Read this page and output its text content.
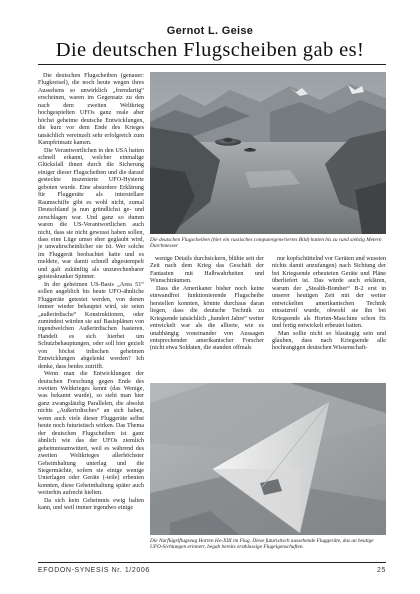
Gernot L. Geise
Die deutschen Flugscheiben gab es!

Die deutschen Flugscheiben (genauer: Flugkreisel), die noch heute wegen ihres Aussehens so unwirklich „fremdartig“ erscheinen, waren im Gegensatz zu den nach dem zweiten Weltkrieg hochgespielten UFOs ganz reale aber höchst geheime deutsche Entwicklungen, die kurz vor dem Ende des Krieges tatsächlich vereinzelt sehr erfolgreich zum Kampfeinsatz kamen.

Die Verantwortlichen in den USA hatten schnell erkannt, welcher einmalige Glücksfall ihnen durch die Sicherung einiger dieser Flugscheiben und die darauf gesteckte inszenierte UFO-Hysterie geboten wurde. Eine absurdere Erklärung für Fluggeräte als interstellare Raumschiffe gibt es wohl nicht, zumal Deutschland ja nun gründlichst ge- und zerschlagen war. Und ganz so dumm waren die US-Verantwortlichen auch nicht, dass sie nicht gewusst haben sollen, dass eine Lüge umso eher geglaubt wird, je unwahrscheinlicher sie ist. Wer solche im Fluggerät beobachtet hatte und es meldete, war damit schnell abgestempelt und galt zukünftig als unzurechenbarer geisteskranker Spinner.

In der geheimen US-Basis „Area 51“ sollen angeblich bis heute UFO-ähnliche Fluggeräte getestet werden, von denen immer wieder behauptet wird, sie seien „außerirdische“ Konstruktionen, oder zumindest würden sie auf Basisplänen von irgendwelchen Außerirdischen basieren. Handelt es sich hierbei um Schutzbehauptungen, oder soll hier gezielt von höchst irdischen geheimen Entwicklungen abgelenkt werden? Ich denke, dass beides zutrifft.

Wenn man die Entwicklungen der deutschen Forschung gegen Ende des zweiten Weltkrieges kennt (das Wenige, was bekannt wurde), so sieht man hier ganz zwangsläufig Parallelen, die absolut nichts „Außerirdisches“ an sich haben, wenn auch viele dieser Fluggeräte selbst heute noch futuristisch wirken. Das Thema der deutschen Flugscheiben ist ganz ähnlich wie das der UFOs ziemlich geheimnisumwittert, weil es während des zweiten Weltkrieges allerhöchster Geheimhaltung unterlag und die Siegermächte, sofern sie einige wenige Unterlagen oder Geräte (-teile) erbeuten konnten, diese Geheimhaltung später auch weiterhin aufrecht hielten.

Da sich kein Geheimnis ewig halten kann, und weil immer irgendwo einige

Die deutschen Flugscheiben (hier ein russisches computergeneriertes Bild) hatten bis zu rund siebzig Metern Durchmesser

wenige Details durchsickern, blühte seit der Zeit nach dem Krieg das Geschäft der Fantasten mit Halbwahrheiten und Wunschträumen.

Dass die Amerikaner bisher noch keine einwandfrei funktionierende Flugscheibe herstellen konnten, könnte durchaus daran liegen, dass die deutsche Technik zu Kriegsende tatsächlich „hundert Jahre“ weiter entwickelt war als die allierte, wie es unabhängig voneinander von Aussagen entsprechender amerikanischer Forscher (nicht etwa Soldaten, die standen offmals

nur kopfschüttelnd vor Geräten und wussten nichts damit anzufangen) nach Sichtung der bei Kriegsende erbeuteten Geräte und Pläne überliefert ist. Das würde auch erklären, warum der „Stealth-Bomber“ B-2 erst in unserer heutigen Zeit mit der weiter entwickelten amerikanischen Technik einsatzreif wurde, obwohl sie ihn bei Kriegsende als Horten-Maschine schon fix und fertig entwickelt erbeutet hatten.

Man sollte nicht so blauäugig sein und glauben, dass nach Kriegsende alle hochrangigen deutschen Wissenschaft-

Die Nurflügelflugzeug Horten Ho-XIII im Flug. Diese futuristisch aussehende Fluggeräte, das an heutige UFO-Sichtungen erinnert, begab bereits erstklassige Flugeigenschaften.
EFODON-SYNESIS Nr. 1/2006	25
